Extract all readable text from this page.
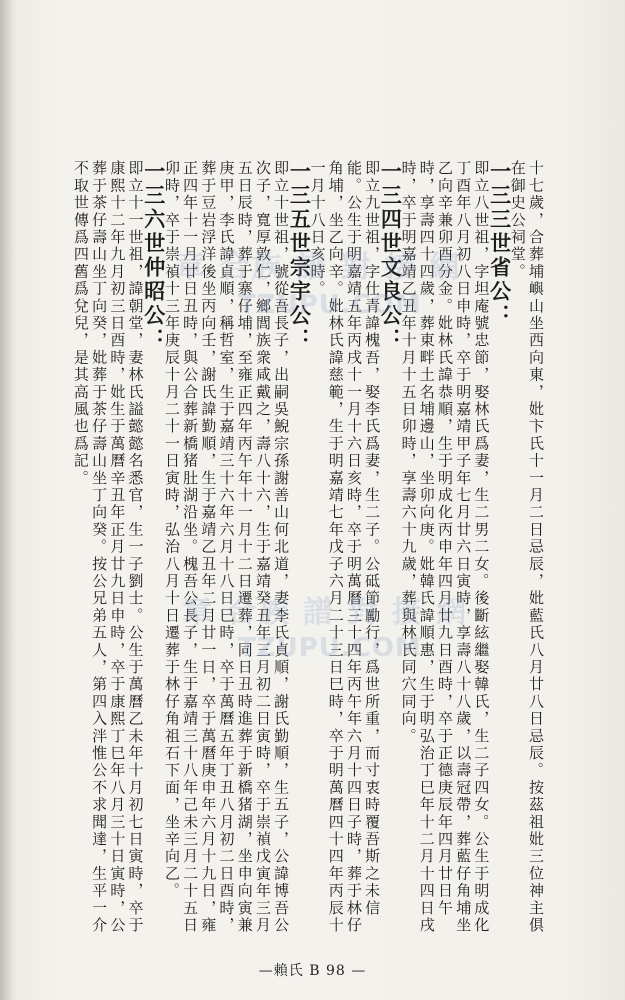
十七歲，合葬埔嶼山坐西向東，妣卞氏十一月二日忌辰，妣藍氏八月廿八日忌辰。按茲祖妣三位神主俱在御史公祠堂。

一三三世省公：

即立八世祖，字坦庵號忠節，娶林氏爲妻，生二男二女。後斷絃繼娶韓氏，生二子四女。公生于明成化丁酉年八月初八日申時，卒于明嘉靖甲子年七月廿六日寅時，享壽八十八歲，以壽冠帶，葬藍仔角埔坐乙向辛兼卯酉分金。妣林氏諱恭順，生于明成化丙申年四月廿九日酉時，卒于正德庚辰年四月廿日午時，享壽四十四歲，葬東畔土名埔邊山，坐卯向庚。妣韓氏諱順惠，生于明弘治丁巳年十二月十四日戌時，卒于明嘉靖乙丑年十月十五日卯時，享壽六十九歲，葬與林氏同穴同向。

一三四世文良公：

即立九世祖，字仕青諱槐吾，娶李氏爲妻，生二子。公砥節勵行，爲世所重，而寸衷時覆吾斯之未信能。公生于明嘉靖五年丙戌十一月十六日亥時，卒于明萬曆三十四年丙午年六月十四日子時，葬于林仔角埔，坐乙向辛。妣林氏諱慈範，生于明嘉靖七年戊子六月二十三日巳時，卒于明萬曆四十四年丙辰十一月十八日亥時。

一三五世宗宇公：

即立十世祖，號從吾長子，出嗣吳鯢宗孫謝善山何北道，妻李氏貞順，謝氏勤順，生五子，公諱博吾公次子，寬厚敦仁，鄉閭族衆咸戴之，壽八十六，生于嘉靖癸丑年三月初二日寅時，卒于崇禎戊寅年三月五日辰時，葬于寨仔埔，至雍正四年丙午年十一月十二日遷葬，同日丑時進葬于新橋猪湖，坐申向寅兼庚甲，李氏諱貞順，稱哲室，生于嘉靖三十六年六月十八日巳時，卒于萬曆五年丁丑八月初二日酉時，葬于豆岩浮洋後坐丙向壬，謝氏諱勤順，生于嘉靖乙丑年二月廿一日，卒于萬曆庚申年六月十九日，雍正四年十一月廿日丑時，與公合葬新橋猪肚湖沿坐。槐吾公長子，生于嘉靖三十八年己未三月二十五日卯時，卒于崇禎十三年庚辰十月二十一日寅時，弘治八月十日遷葬于林仔角祖石下面，坐辛向乙。

一三六世仲昭公：

即立十一世祖，諱朝堂，妻林氏謚懿懿名悉官，生一子劉士。公生于萬曆乙未年十月初七日寅時，卒于康熙十二年九月初三日酉時，妣生于萬曆辛丑年正月廿九日申時，卒于康熙丁巳年八月三十日寅時，公葬于茶仔壽山坐丁向癸，妣葬于茶仔壽山坐丁向癸。按公兄弟五人，第四入泮惟公不求聞達，生平一介不取世傳爲四舊爲兌兒，是其高風也爲記。	章 合族 譜 對 接 網
TZUPU.COM
章 合族 譜 對 接 網
TZUPU.COM
—賴氏 B 98 —
